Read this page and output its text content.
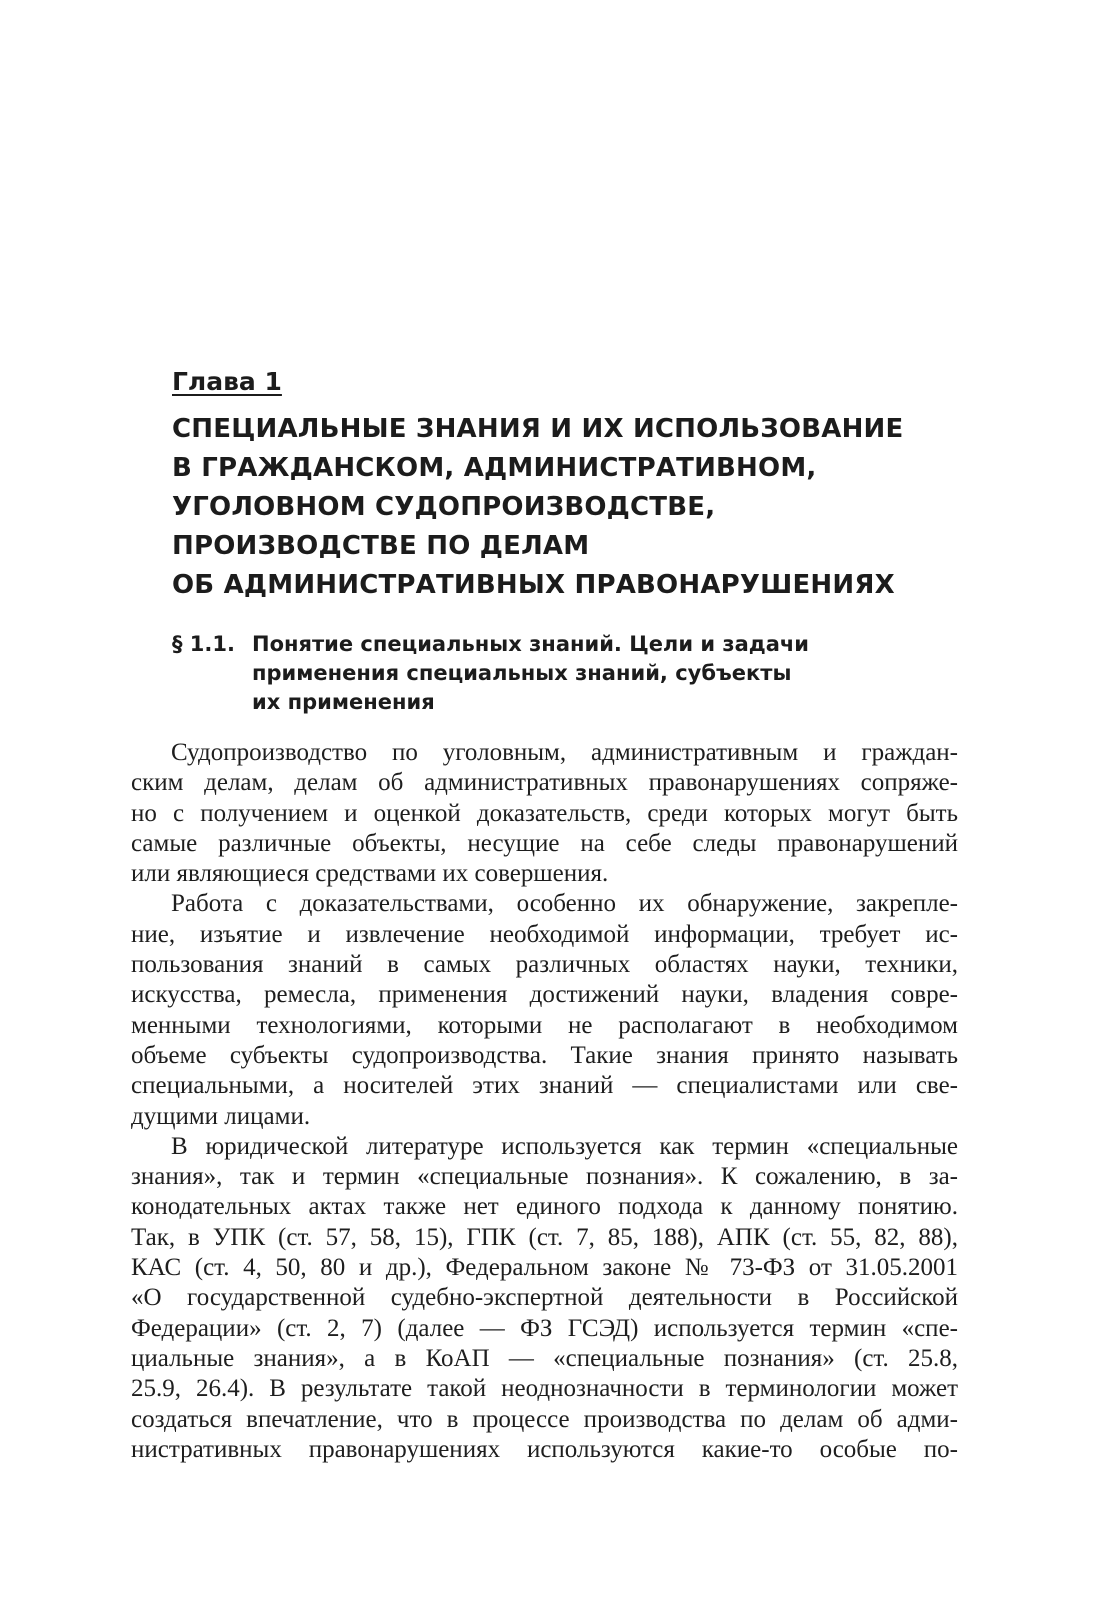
Глава 1
СПЕЦИАЛЬНЫЕ ЗНАНИЯ И ИХ ИСПОЛЬЗОВАНИЕ
В ГРАЖДАНСКОМ, АДМИНИСТРАТИВНОМ,
УГОЛОВНОМ СУДОПРОИЗВОДСТВЕ,
ПРОИЗВОДСТВЕ ПО ДЕЛАМ
ОБ АДМИНИСТРАТИВНЫХ ПРАВОНАРУШЕНИЯХ
§ 1.1. Понятие специальных знаний. Цели и задачи
применения специальных знаний, субъекты
их применения

Судопроизводство по уголовным, административным и граждан-
ским делам, делам об административных правонарушениях сопряже-
но с получением и оценкой доказательств, среди которых могут быть
самые различные объекты, несущие на себе следы правонарушений
или являющиеся средствами их совершения.

Работа с доказательствами, особенно их обнаружение, закрепле-
ние, изъятие и извлечение необходимой информации, требует ис-
пользования знаний в самых различных областях науки, техники,
искусства, ремесла, применения достижений науки, владения совре-
менными технологиями, которыми не располагают в необходимом
объеме субъекты судопроизводства. Такие знания принято называть
специальными, а носителей этих знаний — специалистами или све-
дущими лицами.

В юридической литературе используется как термин «специальные
знания», так и термин «специальные познания». К сожалению, в за-
конодательных актах также нет единого подхода к данному понятию.
Так, в УПК (ст. 57, 58, 15), ГПК (ст. 7, 85, 188), АПК (ст. 55, 82, 88),
КАС (ст. 4, 50, 80 и др.), Федеральном законе № 73-ФЗ от 31.05.2001
«О государственной судебно-экспертной деятельности в Российской
Федерации» (ст. 2, 7) (далее — ФЗ ГСЭД) используется термин «спе-
циальные знания», а в КоАП — «специальные познания» (ст. 25.8,
25.9, 26.4). В результате такой неоднозначности в терминологии может
создаться впечатление, что в процессе производства по делам об адми-
нистративных правонарушениях используются какие-то особые по-
